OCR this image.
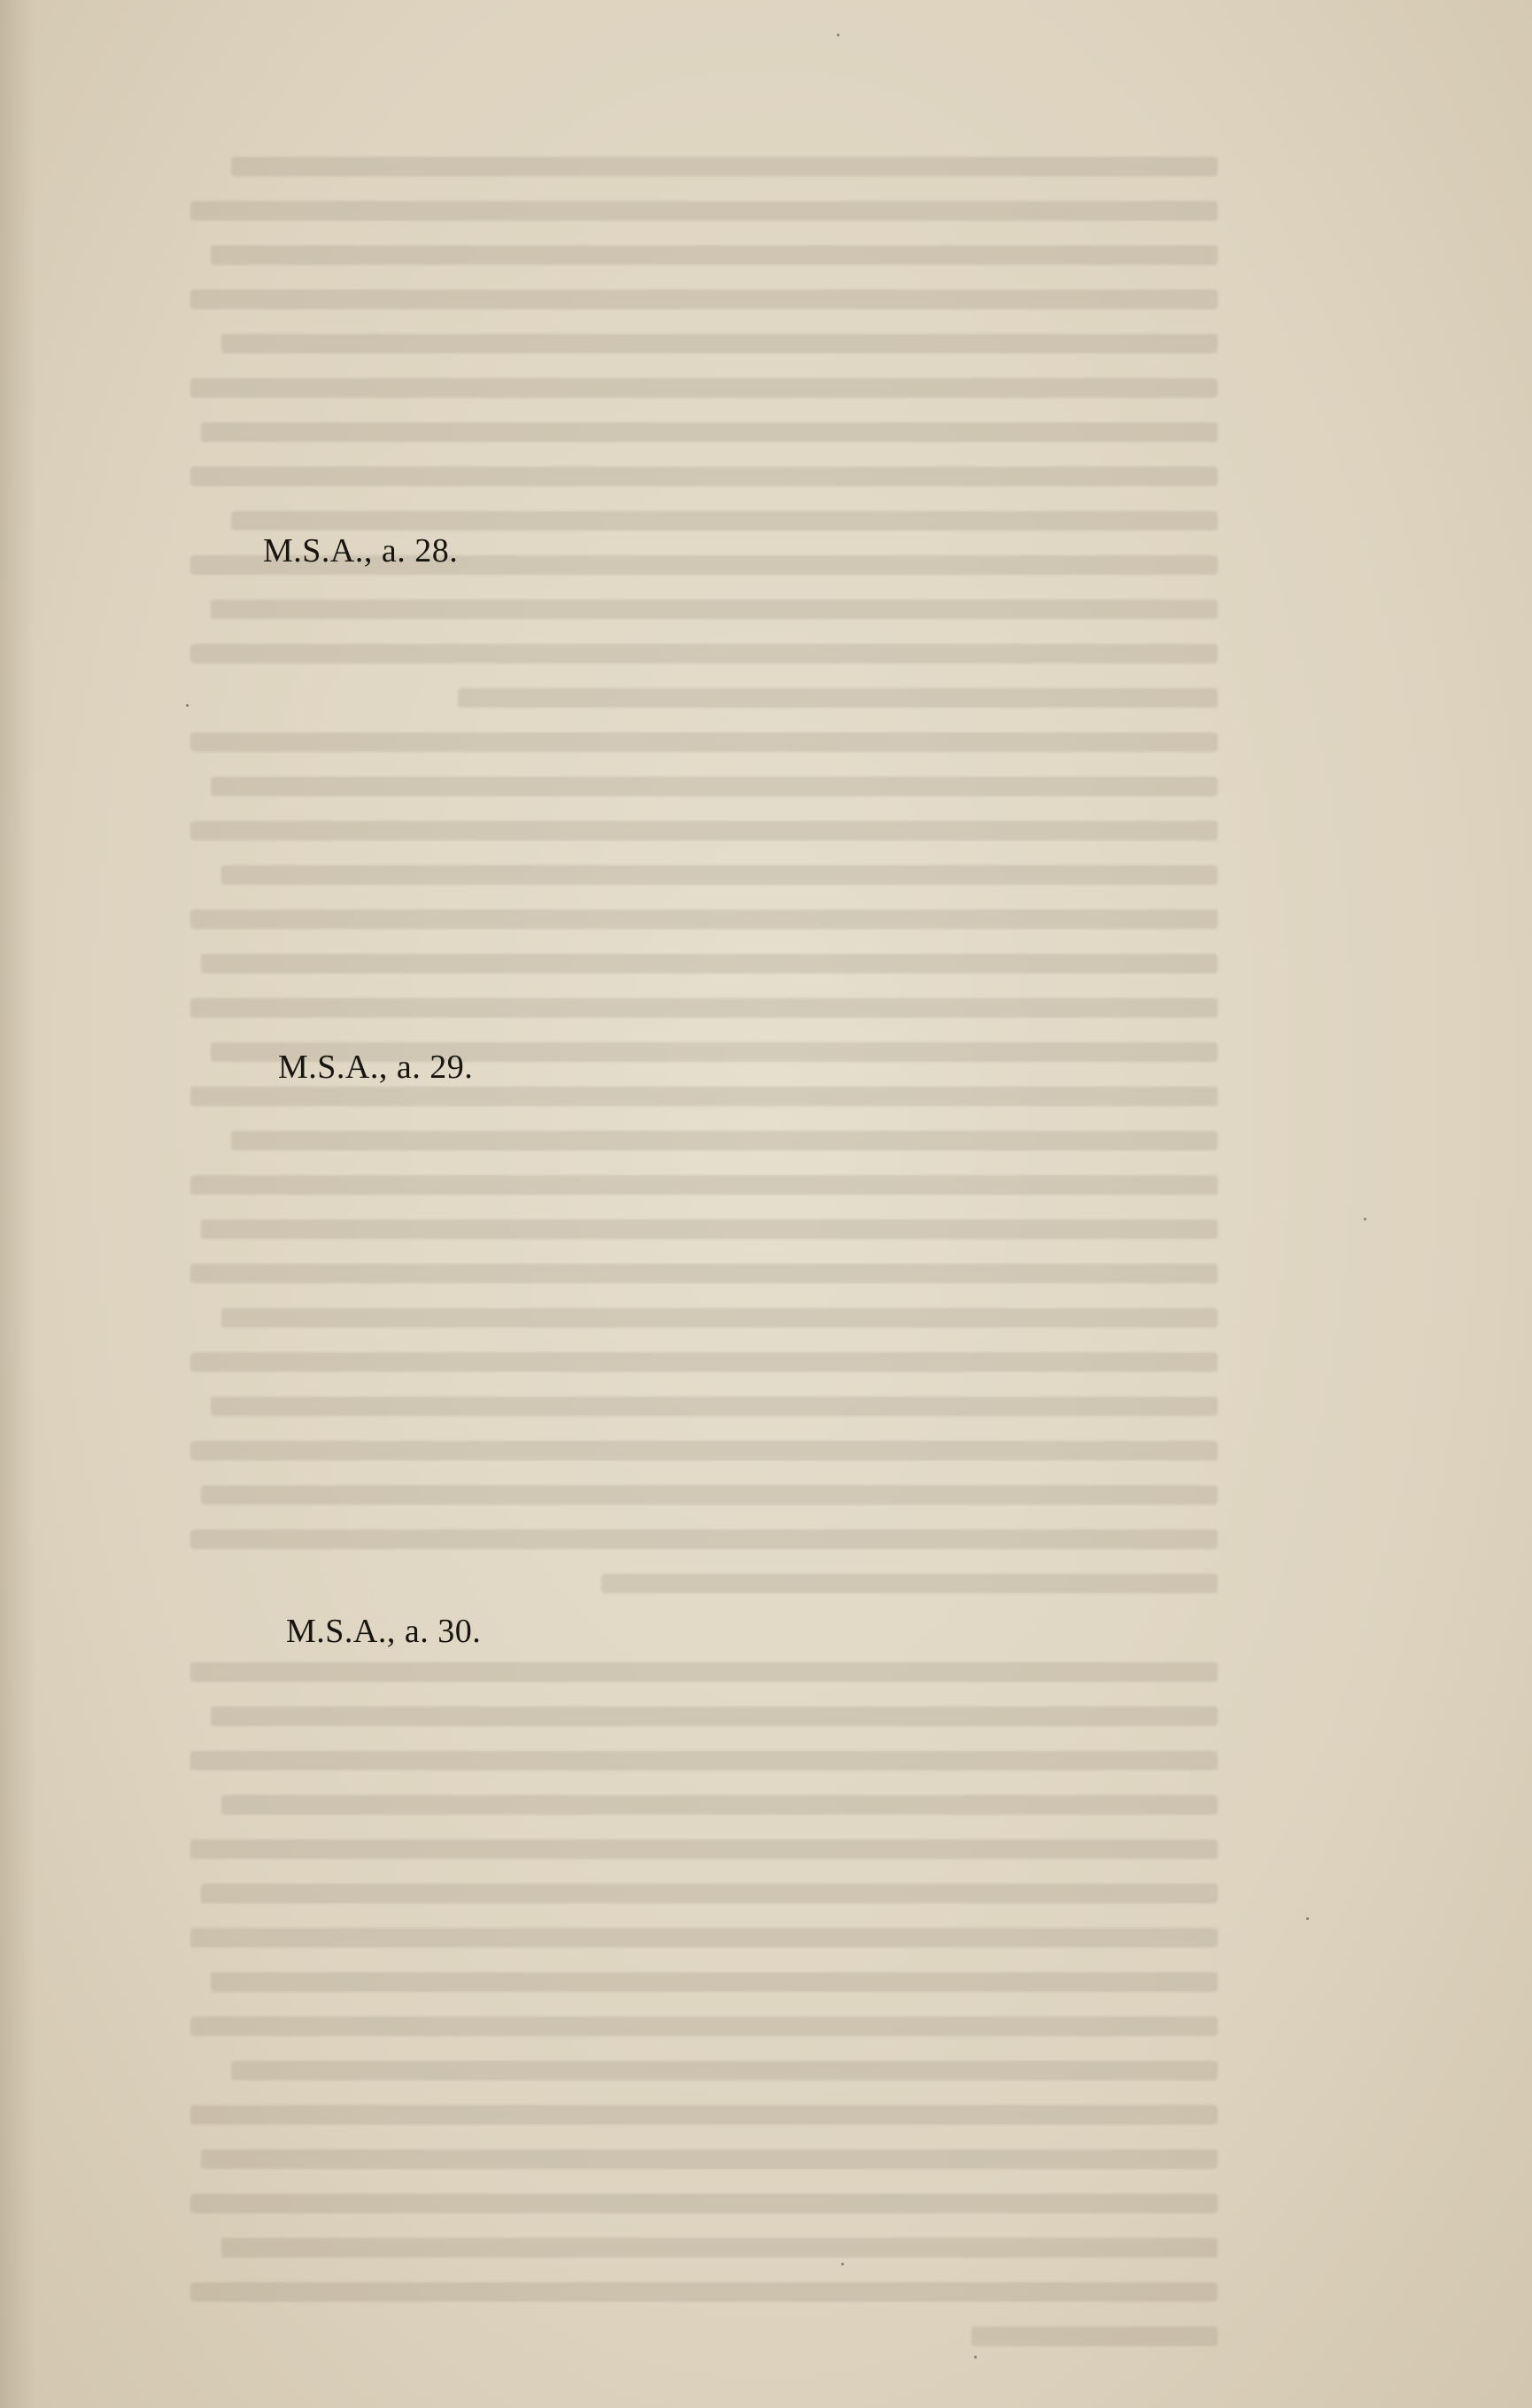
M.S.A., a. 28.
M.S.A., a. 29.
M.S.A., a. 30.
